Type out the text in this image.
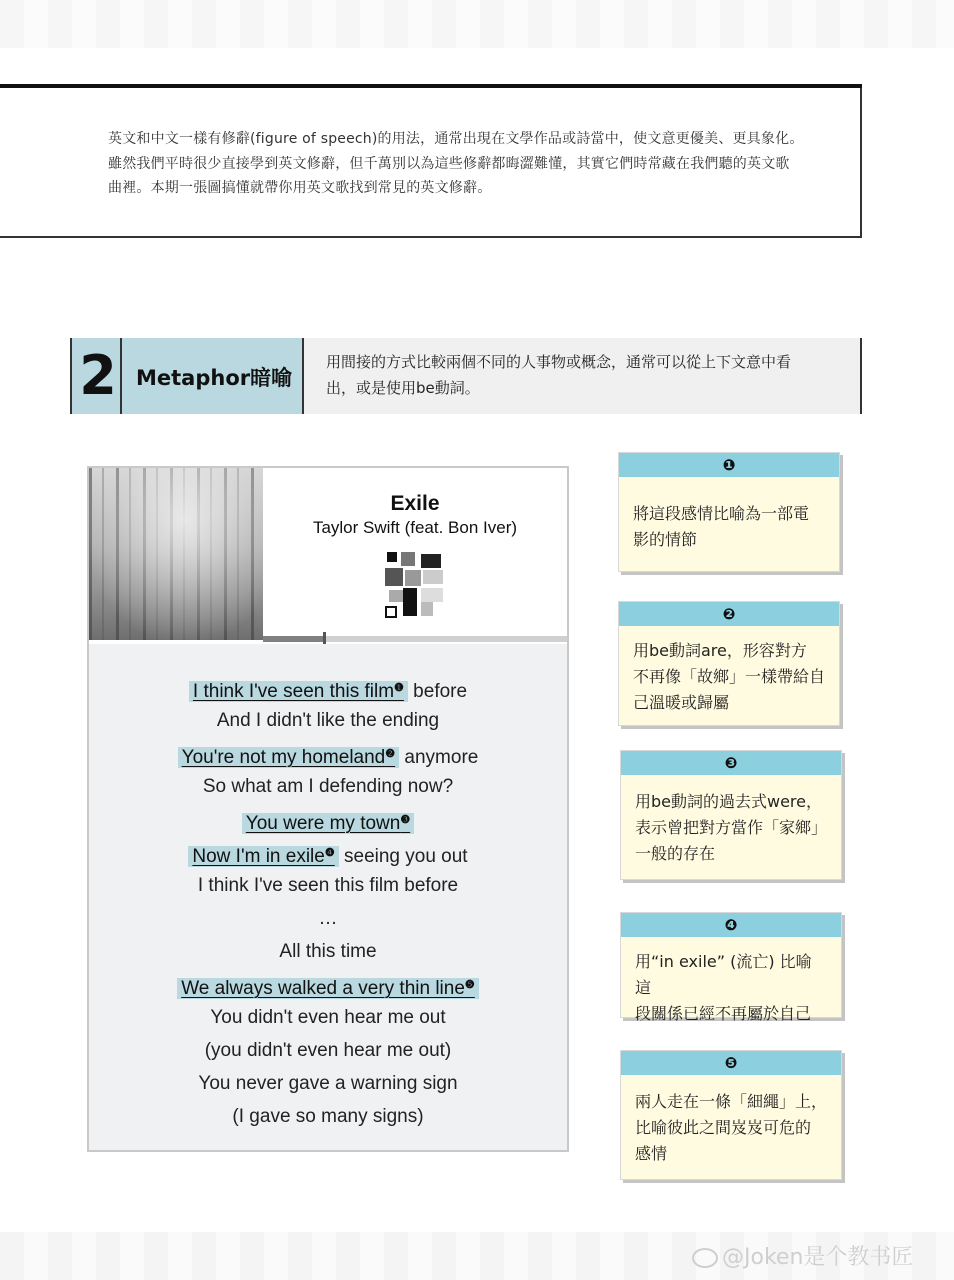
英文和中文一樣有修辭(figure of speech)的用法，通常出現在文學作品或詩當中，使文意更優美、更具象化。
雖然我們平時很少直接學到英文修辭，但千萬別以為這些修辭都晦澀難懂，其實它們時常藏在我們聽的英文歌
曲裡。本期一張圖搞懂就帶你用英文歌找到常見的英文修辭。
2 Metaphor暗喻
用間接的方式比較兩個不同的人事物或概念，通常可以從上下文意中看
出，或是使用be動詞。
Exile
Taylor Swift (feat. Bon Iver)
I think I've seen this film$^❶$ before
And I didn't like the ending
You're not my homeland$^❷$ anymore
So what am I defending now?
You were my town$^❸$
Now I'm in exile$^❹$ seeing you out
I think I've seen this film before
…
All this time
We always walked a very thin line$^❺$
You didn't even hear me out
(you didn't even hear me out)
You never gave a warning sign
(I gave so many signs)
❶
將這段感情比喻為一部電
影的情節
❷
用be動詞are，形容對方
不再像「故鄉」一樣帶給自
己溫暖或歸屬
❸
用be動詞的過去式were，
表示曾把對方當作「家鄉」
一般的存在
❹
用“in exile” (流亡) 比喻這
段關係已經不再屬於自己
❺
兩人走在一條「細繩」上，
比喻彼此之間岌岌可危的
感情
@Joken是个教书匠
